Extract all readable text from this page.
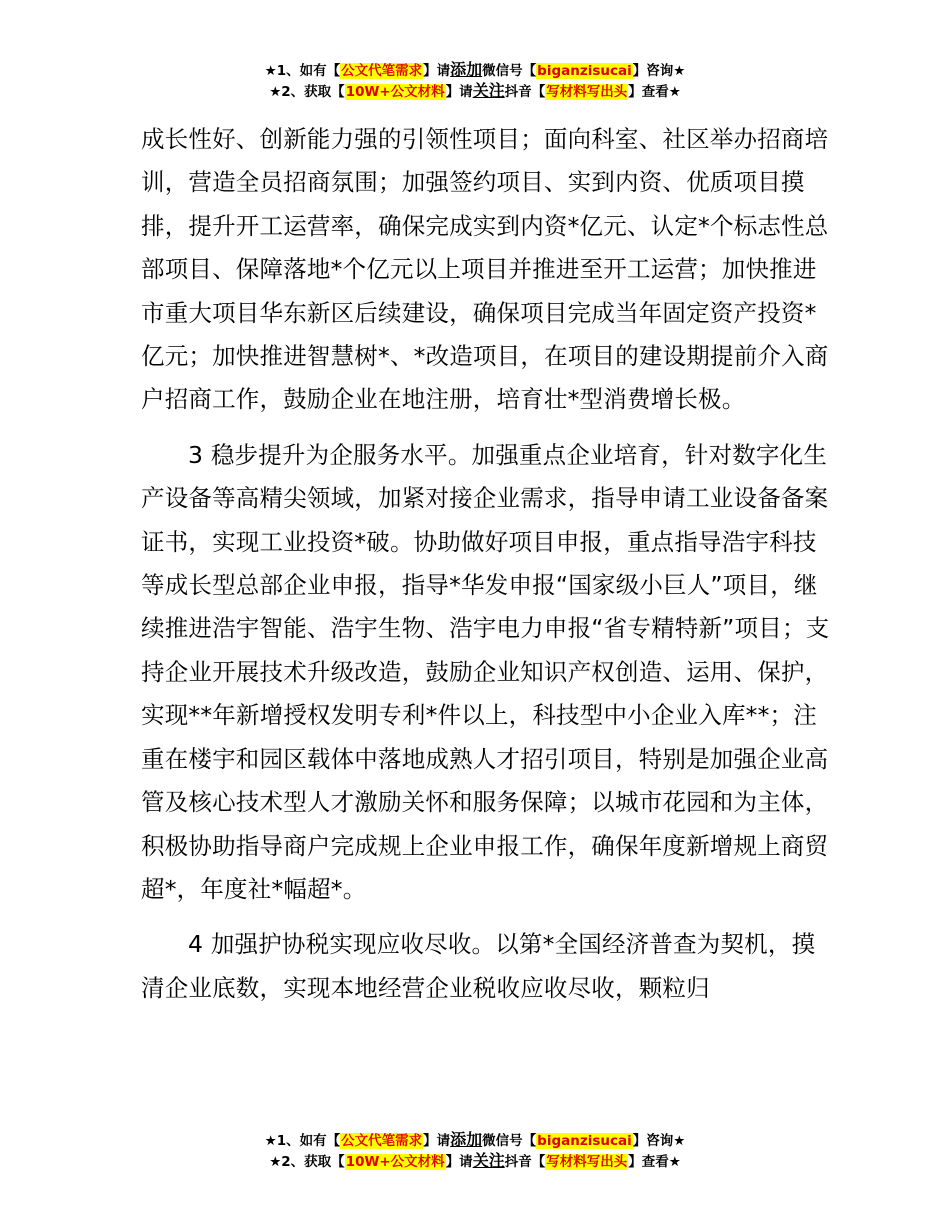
★1、如有【公文代笔需求】请添加微信号【biganzisucai】咨询★
★2、获取【10W+公文材料】请关注抖音【写材料写出头】查看★

成长性好、创新能力强的引领性项目；面向科室、社区举办招商培训，营造全员招商氛围；加强签约项目、实到内资、优质项目摸排，提升开工运营率，确保完成实到内资*亿元、认定*个标志性总部项目、保障落地*个亿元以上项目并推进至开工运营；加快推进市重大项目华东新区后续建设，确保项目完成当年固定资产投资*亿元；加快推进智慧树*、*改造项目，在项目的建设期提前介入商户招商工作，鼓励企业在地注册，培育壮*型消费增长极。

3 稳步提升为企服务水平。加强重点企业培育，针对数字化生产设备等高精尖领域，加紧对接企业需求，指导申请工业设备备案证书，实现工业投资*破。协助做好项目申报，重点指导浩宇科技等成长型总部企业申报，指导*华发申报“国家级小巨人”项目，继续推进浩宇智能、浩宇生物、浩宇电力申报“省专精特新”项目；支持企业开展技术升级改造，鼓励企业知识产权创造、运用、保护，实现**年新增授权发明专利*件以上，科技型中小企业入库**；注重在楼宇和园区载体中落地成熟人才招引项目，特别是加强企业高管及核心技术型人才激励关怀和服务保障；以城市花园和为主体，积极协助指导商户完成规上企业申报工作，确保年度新增规上商贸超*，年度社*幅超*。

4 加强护协税实现应收尽收。以第*全国经济普查为契机，摸清企业底数，实现本地经营企业税收应收尽收，颗粒归

★1、如有【公文代笔需求】请添加微信号【biganzisucai】咨询★
★2、获取【10W+公文材料】请关注抖音【写材料写出头】查看★
